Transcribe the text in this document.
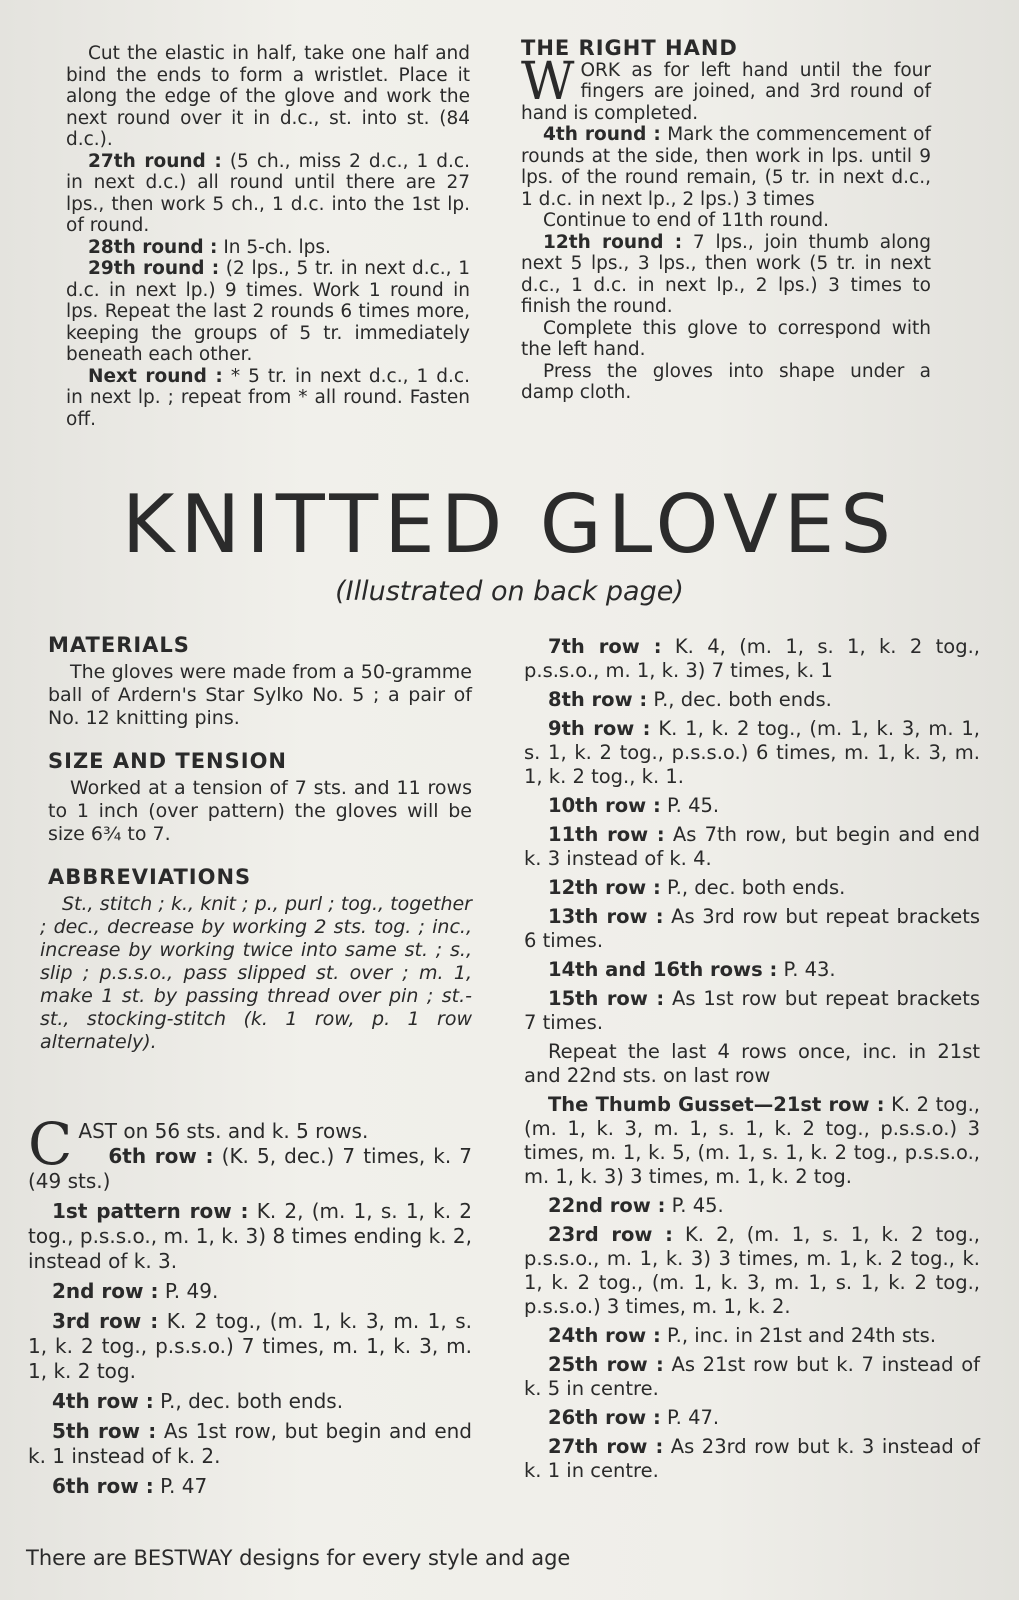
Cut the elastic in half, take one half and bind the ends to form a wristlet. Place it along the edge of the glove and work the next round over it in d.c., st. into st. (84 d.c.).

27th round : (5 ch., miss 2 d.c., 1 d.c. in next d.c.) all round until there are 27 lps., then work 5 ch., 1 d.c. into the 1st lp. of round.

28th round : In 5-ch. lps.

29th round : (2 lps., 5 tr. in next d.c., 1 d.c. in next lp.) 9 times. Work 1 round in lps. Repeat the last 2 rounds 6 times more, keeping the groups of 5 tr. immediately beneath each other.

Next round : * 5 tr. in next d.c., 1 d.c. in next lp. ; repeat from * all round. Fasten off.

THE RIGHT HAND

WORK as for left hand until the four fingers are joined, and 3rd round of hand is completed.

4th round : Mark the commencement of rounds at the side, then work in lps. until 9 lps. of the round remain, (5 tr. in next d.c., 1 d.c. in next lp., 2 lps.) 3 times

Continue to end of 11th round.

12th round : 7 lps., join thumb along next 5 lps., 3 lps., then work (5 tr. in next d.c., 1 d.c. in next lp., 2 lps.) 3 times to finish the round.

Complete this glove to correspond with the left hand.

Press the gloves into shape under a damp cloth.

KNITTED GLOVES
(Illustrated on back page)

MATERIALS

The gloves were made from a 50-gramme ball of Ardern's Star Sylko No. 5 ; a pair of No. 12 knitting pins.

SIZE AND TENSION

Worked at a tension of 7 sts. and 11 rows to 1 inch (over pattern) the gloves will be size 6¾ to 7.

ABBREVIATIONS

St., stitch ; k., knit ; p., purl ; tog., together ; dec., decrease by working 2 sts. tog. ; inc., increase by working twice into same st. ; s., slip ; p.s.s.o., pass slipped st. over ; m. 1, make 1 st. by passing thread over pin ; st.-st., stocking-stitch (k. 1 row, p. 1 row alternately).

CAST on 56 sts. and k. 5 rows.
6th row : (K. 5, dec.) 7 times, k. 7 (49 sts.)

1st pattern row : K. 2, (m. 1, s. 1, k. 2 tog., p.s.s.o., m. 1, k. 3) 8 times ending k. 2, instead of k. 3.

2nd row : P. 49.

3rd row : K. 2 tog., (m. 1, k. 3, m. 1, s. 1, k. 2 tog., p.s.s.o.) 7 times, m. 1, k. 3, m. 1, k. 2 tog.

4th row : P., dec. both ends.

5th row : As 1st row, but begin and end k. 1 instead of k. 2.

6th row : P. 47

7th row : K. 4, (m. 1, s. 1, k. 2 tog., p.s.s.o., m. 1, k. 3) 7 times, k. 1

8th row : P., dec. both ends.

9th row : K. 1, k. 2 tog., (m. 1, k. 3, m. 1, s. 1, k. 2 tog., p.s.s.o.) 6 times, m. 1, k. 3, m. 1, k. 2 tog., k. 1.

10th row : P. 45.

11th row : As 7th row, but begin and end k. 3 instead of k. 4.

12th row : P., dec. both ends.

13th row : As 3rd row but repeat brackets 6 times.

14th and 16th rows : P. 43.

15th row : As 1st row but repeat brackets 7 times.

Repeat the last 4 rows once, inc. in 21st and 22nd sts. on last row

The Thumb Gusset—21st row : K. 2 tog., (m. 1, k. 3, m. 1, s. 1, k. 2 tog., p.s.s.o.) 3 times, m. 1, k. 5, (m. 1, s. 1, k. 2 tog., p.s.s.o., m. 1, k. 3) 3 times, m. 1, k. 2 tog.

22nd row : P. 45.

23rd row : K. 2, (m. 1, s. 1, k. 2 tog., p.s.s.o., m. 1, k. 3) 3 times, m. 1, k. 2 tog., k. 1, k. 2 tog., (m. 1, k. 3, m. 1, s. 1, k. 2 tog., p.s.s.o.) 3 times, m. 1, k. 2.

24th row : P., inc. in 21st and 24th sts.

25th row : As 21st row but k. 7 instead of k. 5 in centre.

26th row : P. 47.

27th row : As 23rd row but k. 3 instead of k. 1 in centre.

There are BESTWAY designs for every style and age
